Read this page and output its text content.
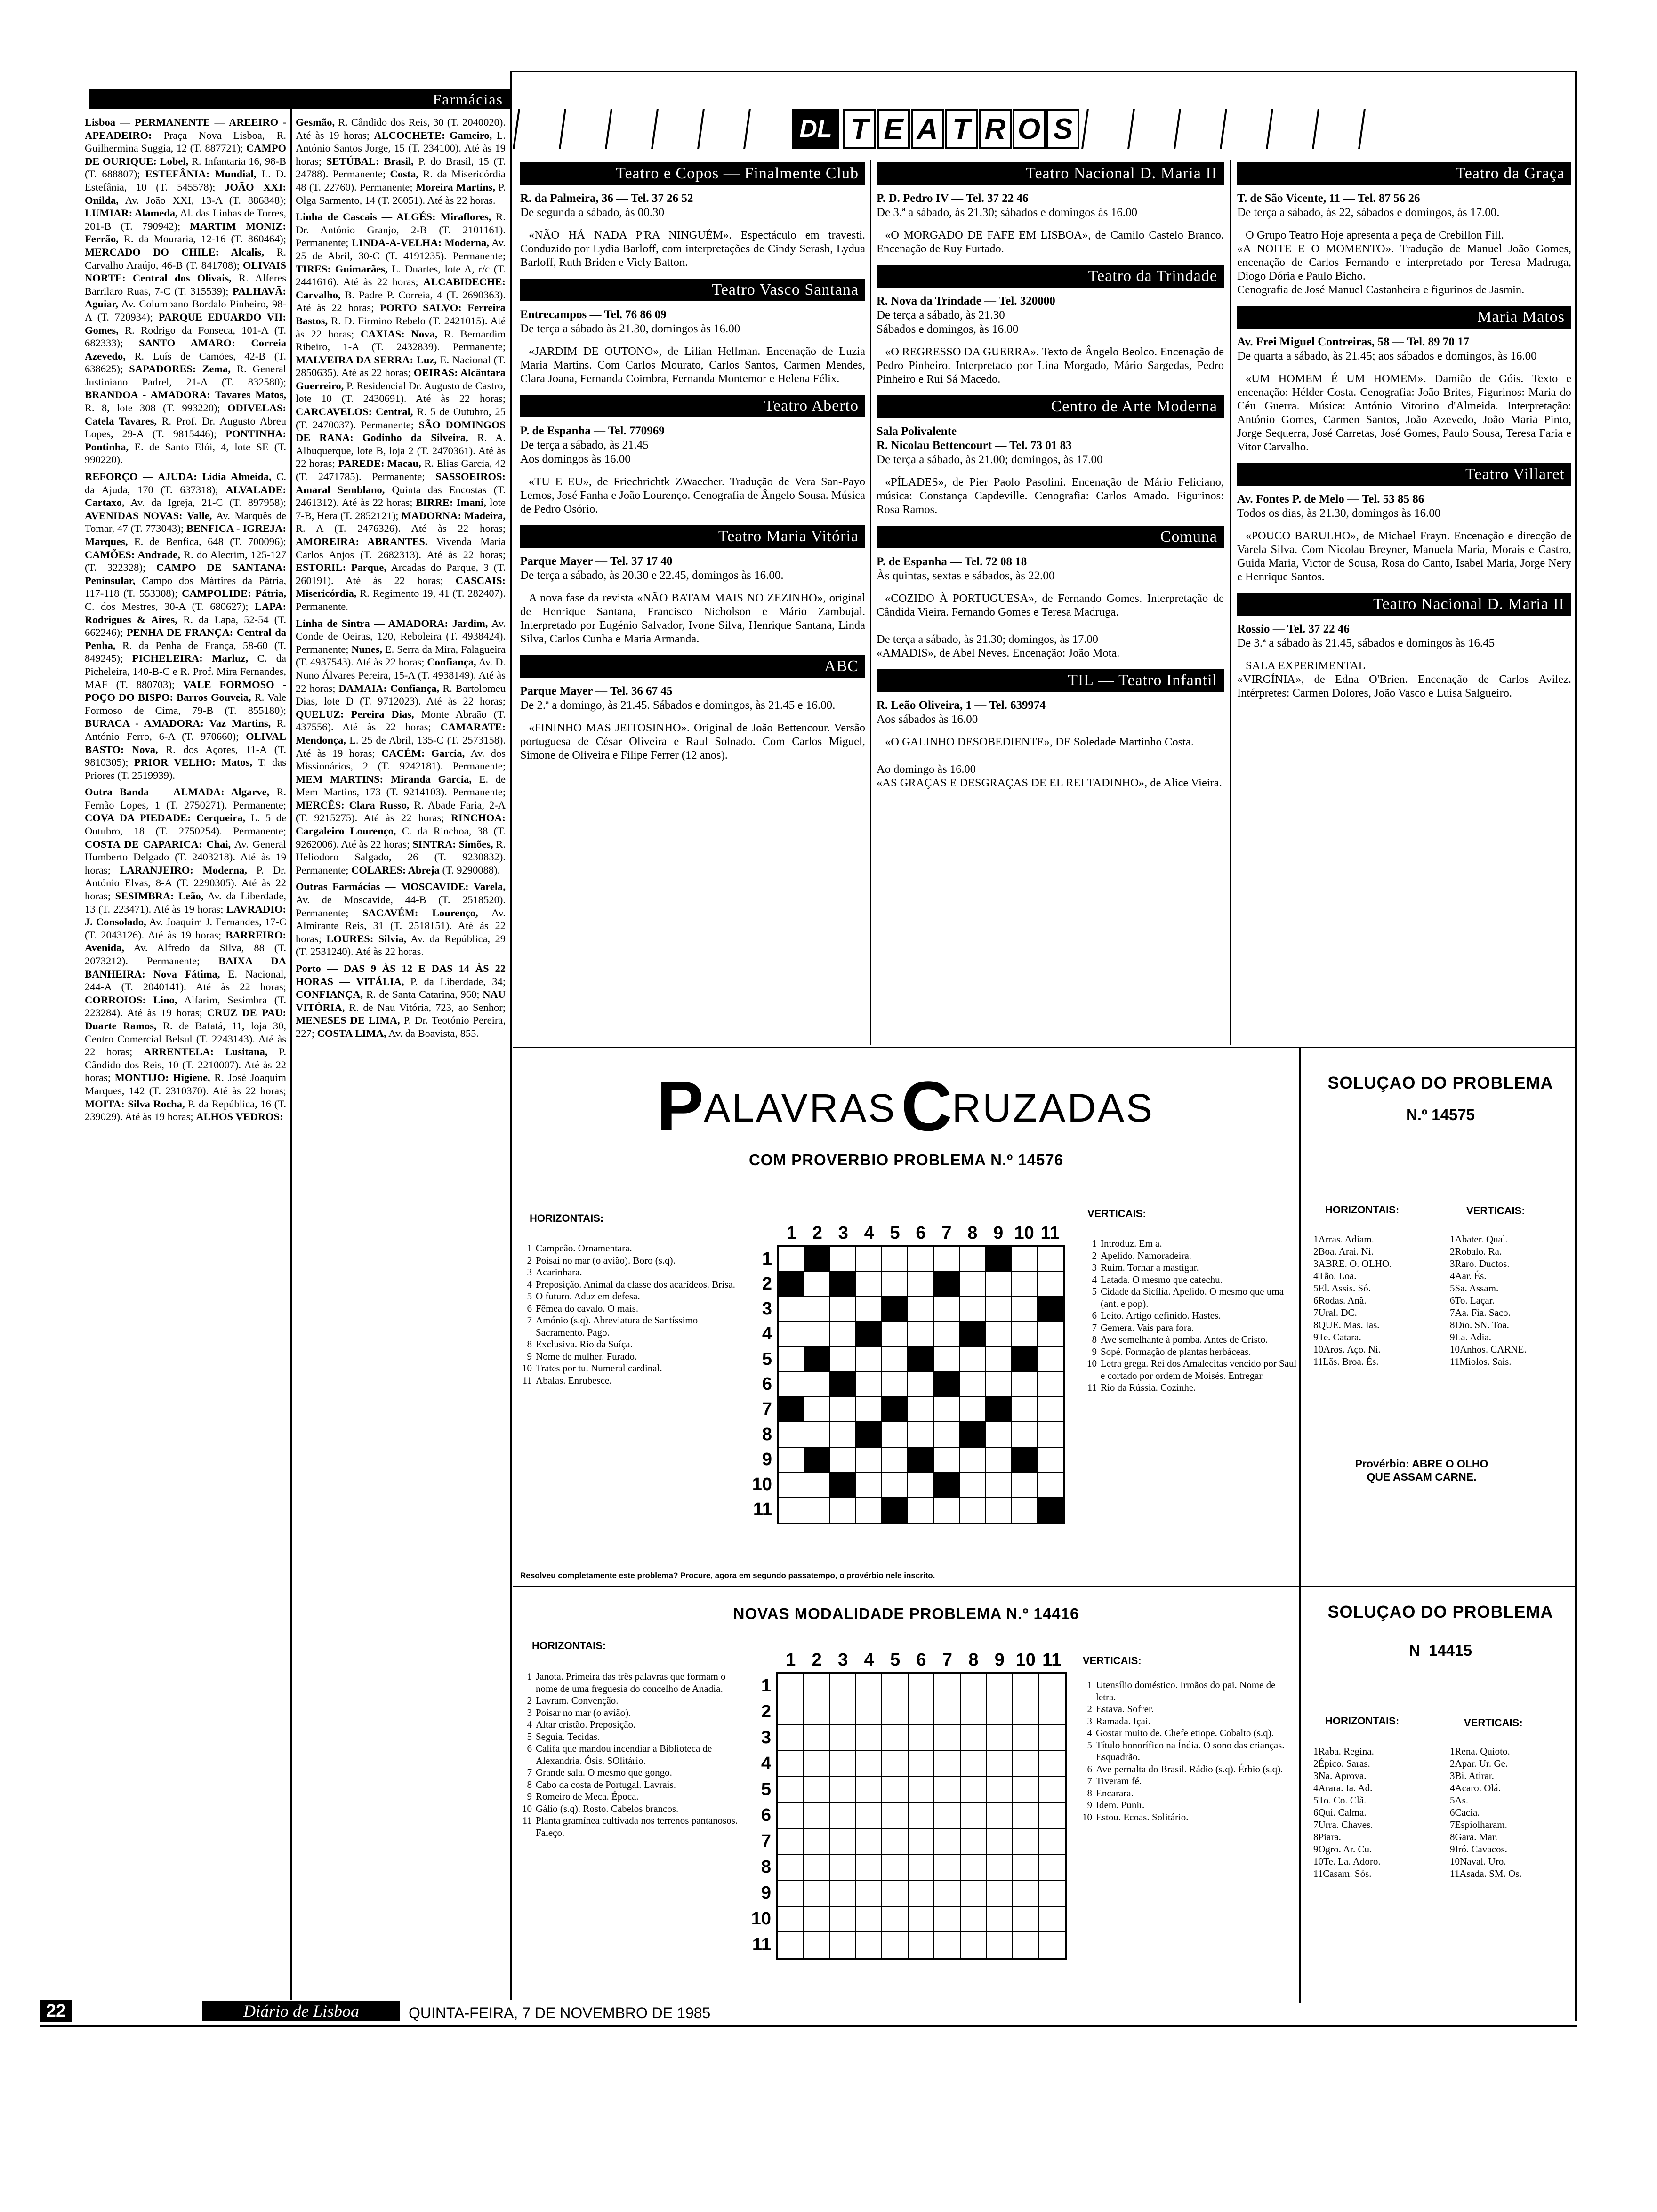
Farmácias

Lisboa — PERMANENTE — AREEIRO - APEADEIRO: Praça Nova Lisboa, R. Guilhermina Suggia, 12 (T. 887721); CAMPO DE OURIQUE: Lobel, R. Infantaria 16, 98-B (T. 688807); ESTEFÂNIA: Mundial, L. D. Estefânia, 10 (T. 545578); JOÃO XXI: Onilda, Av. João XXI, 13-A (T. 886848); LUMIAR: Alameda, Al. das Linhas de Torres, 201-B (T. 790942); MARTIM MONIZ: Ferrão, R. da Mouraria, 12-16 (T. 860464); MERCADO DO CHILE: Alcalis, R. Carvalho Araújo, 46-B (T. 841708); OLIVAIS NORTE: Central dos Olivais, R. Alferes Barrilaro Ruas, 7-C (T. 315539); PALHAVÃ: Aguiar, Av. Columbano Bordalo Pinheiro, 98-A (T. 720934); PARQUE EDUARDO VII: Gomes, R. Rodrigo da Fonseca, 101-A (T. 682333); SANTO AMARO: Correia Azevedo, R. Luís de Camões, 42-B (T. 638625); SAPADORES: Zema, R. General Justiniano Padrel, 21-A (T. 832580); BRANDOA - AMADORA: Tavares Matos, R. 8, lote 308 (T. 993220); ODIVELAS: Catela Tavares, R. Prof. Dr. Augusto Abreu Lopes, 29-A (T. 9815446); PONTINHA: Pontinha, E. de Santo Elói, 4, lote SE (T. 990220).

REFORÇO — AJUDA: Lídia Almeida, C. da Ajuda, 170 (T. 637318); ALVALADE: Cartaxo, Av. da Igreja, 21-C (T. 897958); AVENIDAS NOVAS: Valle, Av. Marquês de Tomar, 47 (T. 773043); BENFICA - IGREJA: Marques, E. de Benfica, 648 (T. 700096); CAMÕES: Andrade, R. do Alecrim, 125-127 (T. 322328); CAMPO DE SANTANA: Peninsular, Campo dos Mártires da Pátria, 117-118 (T. 553308); CAMPOLIDE: Pátria, C. dos Mestres, 30-A (T. 680627); LAPA: Rodrigues & Aires, R. da Lapa, 52-54 (T. 662246); PENHA DE FRANÇA: Central da Penha, R. da Penha de França, 58-60 (T. 849245); PICHELEIRA: Marluz, C. da Picheleira, 140-B-C e R. Prof. Mira Fernandes, MAF (T. 880703); VALE FORMOSO - POÇO DO BISPO: Barros Gouveia, R. Vale Formoso de Cima, 79-B (T. 855180); BURACA - AMADORA: Vaz Martins, R. António Ferro, 6-A (T. 970660); OLIVAL BASTO: Nova, R. dos Açores, 11-A (T. 9810305); PRIOR VELHO: Matos, T. das Priores (T. 2519939).

Outra Banda — ALMADA: Algarve, R. Fernão Lopes, 1 (T. 2750271). Permanente; COVA DA PIEDADE: Cerqueira, L. 5 de Outubro, 18 (T. 2750254). Permanente; COSTA DE CAPARICA: Chai, Av. General Humberto Delgado (T. 2403218). Até às 19 horas; LARANJEIRO: Moderna, P. Dr. António Elvas, 8-A (T. 2290305). Até às 22 horas; SESIMBRA: Leão, Av. da Liberdade, 13 (T. 223471). Até às 19 horas; LAVRADIO: J. Consolado, Av. Joaquim J. Fernandes, 17-C (T. 2043126). Até às 19 horas; BARREIRO: Avenida, Av. Alfredo da Silva, 88 (T. 2073212). Permanente; BAIXA DA BANHEIRA: Nova Fátima, E. Nacional, 244-A (T. 2040141). Até às 22 horas; CORROIOS: Lino, Alfarim, Sesimbra (T. 223284). Até às 19 horas; CRUZ DE PAU: Duarte Ramos, R. de Bafatá, 11, loja 30, Centro Comercial Belsul (T. 2243143). Até às 22 horas; ARRENTELA: Lusitana, P. Cândido dos Reis, 10 (T. 2210007). Até às 22 horas; MONTIJO: Higiene, R. José Joaquim Marques, 142 (T. 2310370). Até às 22 horas; MOITA: Silva Rocha, P. da República, 16 (T. 239029). Até às 19 horas; ALHOS VEDROS:

Gesmão, R. Cândido dos Reis, 30 (T. 2040020). Até às 19 horas; ALCOCHETE: Gameiro, L. António Santos Jorge, 15 (T. 234100). Até às 19 horas; SETÚBAL: Brasil, P. do Brasil, 15 (T. 24788). Permanente; Costa, R. da Misericórdia 48 (T. 22760). Permanente; Moreira Martins, P. Olga Sarmento, 14 (T. 26051). Até às 22 horas.

Linha de Cascais — ALGÉS: Miraflores, R. Dr. António Granjo, 2-B (T. 2101161). Permanente; LINDA-A-VELHA: Moderna, Av. 25 de Abril, 30-C (T. 4191235). Permanente; TIRES: Guimarães, L. Duartes, lote A, r/c (T. 2441616). Até às 22 horas; ALCABIDECHE: Carvalho, B. Padre P. Correia, 4 (T. 2690363). Até às 22 horas; PORTO SALVO: Ferreira Bastos, R. D. Firmino Rebelo (T. 2421015). Até às 22 horas; CAXIAS: Nova, R. Bernardim Ribeiro, 1-A (T. 2432839). Permanente; MALVEIRA DA SERRA: Luz, E. Nacional (T. 2850635). Até às 22 horas; OEIRAS: Alcântara Guerreiro, P. Residencial Dr. Augusto de Castro, lote 10 (T. 2430691). Até às 22 horas; CARCAVELOS: Central, R. 5 de Outubro, 25 (T. 2470037). Permanente; SÃO DOMINGOS DE RANA: Godinho da Silveira, R. A. Albuquerque, lote B, loja 2 (T. 2470361). Até às 22 horas; PAREDE: Macau, R. Elias Garcia, 42 (T. 2471785). Permanente; SASSOEIROS: Amaral Semblano, Quinta das Encostas (T. 2461312). Até às 22 horas; BIRRE: Imani, lote 7-B, Hera (T. 2852121); MADORNA: Madeira, R. A (T. 2476326). Até às 22 horas; AMOREIRA: ABRANTES. Vivenda Maria Carlos Anjos (T. 2682313). Até às 22 horas; ESTORIL: Parque, Arcadas do Parque, 3 (T. 260191). Até às 22 horas; CASCAIS: Misericórdia, R. Regimento 19, 41 (T. 282407). Permanente.

Linha de Sintra — AMADORA: Jardim, Av. Conde de Oeiras, 120, Reboleira (T. 4938424). Permanente; Nunes, E. Serra da Mira, Falagueira (T. 4937543). Até às 22 horas; Confiança, Av. D. Nuno Álvares Pereira, 15-A (T. 4938149). Até às 22 horas; DAMAIA: Confiança, R. Bartolomeu Dias, lote D (T. 9712023). Até às 22 horas; QUELUZ: Pereira Dias, Monte Abraão (T. 437556). Até às 22 horas; CAMARATE: Mendonça, L. 25 de Abril, 135-C (T. 2573158). Até às 19 horas; CACÉM: Garcia, Av. dos Missionários, 2 (T. 9242181). Permanente; MEM MARTINS: Miranda Garcia, E. de Mem Martins, 173 (T. 9214103). Permanente; MERCÊS: Clara Russo, R. Abade Faria, 2-A (T. 9215275). Até às 22 horas; RINCHOA: Cargaleiro Lourenço, C. da Rinchoa, 38 (T. 9262006). Até às 22 horas; SINTRA: Simões, R. Heliodoro Salgado, 26 (T. 9230832). Permanente; COLARES: Abreja (T. 9290088).

Outras Farmácias — MOSCAVIDE: Varela, Av. de Moscavide, 44-B (T. 2518520). Permanente; SACAVÉM: Lourenço, Av. Almirante Reis, 31 (T. 2518151). Até às 22 horas; LOURES: Silvia, Av. da República, 29 (T. 2531240). Até às 22 horas.

Porto — DAS 9 ÀS 12 E DAS 14 ÀS 22 HORAS — VITÁLIA, P. da Liberdade, 34; CONFIANÇA, R. de Santa Catarina, 960; NAU VITÓRIA, R. de Nau Vitória, 723, ao Senhor; MENESES DE LIMA, P. Dr. Teotónio Pereira, 227; COSTA LIMA, Av. da Boavista, 855.

DL T E A T R O S
Teatro e Copos — Finalmente Club
R. da Palmeira, 36 — Tel. 37 26 52
De segunda a sábado, às 00.30
«NÃO HÁ NADA P'RA NINGUÉM». Espectáculo em travesti. Conduzido por Lydia Barloff, com interpretações de Cindy Serash, Lydua Barloff, Ruth Briden e Vicly Batton.
Teatro Vasco Santana
Entrecampos — Tel. 76 86 09
De terça a sábado às 21.30, domingos às 16.00
«JARDIM DE OUTONO», de Lilian Hellman. Encenação de Luzia Maria Martins. Com Carlos Mourato, Carlos Santos, Carmen Mendes, Clara Joana, Fernanda Coimbra, Fernanda Montemor e Helena Félix.
Teatro Aberto
P. de Espanha — Tel. 770969
De terça a sábado, às 21.45
Aos domingos às 16.00
«TU E EU», de Friechrichtk ZWaecher. Tradução de Vera San-Payo Lemos, José Fanha e João Lourenço. Cenografia de Ângelo Sousa. Música de Pedro Osório.
Teatro Maria Vitória
Parque Mayer — Tel. 37 17 40
De terça a sábado, às 20.30 e 22.45, domingos às 16.00.
A nova fase da revista «NÃO BATAM MAIS NO ZEZINHO», original de Henrique Santana, Francisco Nicholson e Mário Zambujal. Interpretado por Eugénio Salvador, Ivone Silva, Henrique Santana, Linda Silva, Carlos Cunha e Maria Armanda.
ABC
Parque Mayer — Tel. 36 67 45
De 2.ª a domingo, às 21.45. Sábados e domingos, às 21.45 e 16.00.
«FININHO MAS JEITOSINHO». Original de João Bettencour. Versão portuguesa de César Oliveira e Raul Solnado. Com Carlos Miguel, Simone de Oliveira e Filipe Ferrer (12 anos).
Teatro Nacional D. Maria II
P. D. Pedro IV — Tel. 37 22 46
De 3.ª a sábado, às 21.30; sábados e domingos às 16.00
«O MORGADO DE FAFE EM LISBOA», de Camilo Castelo Branco. Encenação de Ruy Furtado.
Teatro da Trindade
R. Nova da Trindade — Tel. 320000
De terça a sábado, às 21.30
Sábados e domingos, às 16.00
«O REGRESSO DA GUERRA». Texto de Ângelo Beolco. Encenação de Pedro Pinheiro. Interpretado por Lina Morgado, Mário Sargedas, Pedro Pinheiro e Rui Sá Macedo.
Centro de Arte Moderna
Sala Polivalente
R. Nicolau Bettencourt — Tel. 73 01 83
De terça a sábado, às 21.00; domingos, às 17.00
«PÍLADES», de Pier Paolo Pasolini. Encenação de Mário Feliciano, música: Constança Capdeville. Cenografia: Carlos Amado. Figurinos: Rosa Ramos.
Comuna
P. de Espanha — Tel. 72 08 18
Às quintas, sextas e sábados, às 22.00
«COZIDO À PORTUGUESA», de Fernando Gomes. Interpretação de Cândida Vieira. Fernando Gomes e Teresa Madruga.

De terça a sábado, às 21.30; domingos, às 17.00
«AMADIS», de Abel Neves. Encenação: João Mota.
TIL — Teatro Infantil
R. Leão Oliveira, 1 — Tel. 639974
Aos sábados às 16.00
«O GALINHO DESOBEDIENTE», DE Soledade Martinho Costa.

Ao domingo às 16.00
«AS GRAÇAS E DESGRAÇAS DE EL REI TADINHO», de Alice Vieira.
Teatro da Graça
T. de São Vicente, 11 — Tel. 87 56 26
De terça a sábado, às 22, sábados e domingos, às 17.00.
O Grupo Teatro Hoje apresenta a peça de Crebillon Fill.
«A NOITE E O MOMENTO». Tradução de Manuel João Gomes, encenação de Carlos Fernando e interpretado por Teresa Madruga, Diogo Dória e Paulo Bicho.
Cenografia de José Manuel Castanheira e figurinos de Jasmin.
Maria Matos
Av. Frei Miguel Contreiras, 58 — Tel. 89 70 17
De quarta a sábado, às 21.45; aos sábados e domingos, às 16.00
«UM HOMEM É UM HOMEM». Damião de Góis. Texto e encenação: Hélder Costa. Cenografia: João Brites, Figurinos: Maria do Céu Guerra. Música: António Vitorino d'Almeida. Interpretação: António Gomes, Carmen Santos, João Azevedo, João Maria Pinto, Jorge Sequerra, José Carretas, José Gomes, Paulo Sousa, Teresa Faria e Vitor Carvalho.
Teatro Villaret
Av. Fontes P. de Melo — Tel. 53 85 86
Todos os dias, às 21.30, domingos às 16.00
«POUCO BARULHO», de Michael Frayn. Encenação e direcção de Varela Silva. Com Nicolau Breyner, Manuela Maria, Morais e Castro, Guida Maria, Victor de Sousa, Rosa do Canto, Isabel Maria, Jorge Nery e Henrique Santos.
Teatro Nacional D. Maria II
Rossio — Tel. 37 22 46
De 3.ª a sábado às 21.45, sábados e domingos às 16.45
SALA EXPERIMENTAL
«VIRGÍNIA», de Edna O'Brien. Encenação de Carlos Avilez. Intérpretes: Carmen Dolores, João Vasco e Luísa Salgueiro.
P ALAVRAS C RUZADAS
COM PROVERBIO PROBLEMA N.º 14576
HORIZONTAIS:
1 Campeão. Ornamentara.
2 Poisai no mar (o avião). Boro (s.q).
3 Acarinhara.
4 Preposição. Animal da classe dos acarídeos. Brisa.
5 O futuro. Aduz em defesa.
6 Fêmea do cavalo. O mais.
7 Amónio (s.q). Abreviatura de Santíssimo Sacramento. Pago.
8 Exclusiva. Rio da Suíça.
9 Nome de mulher. Furado.
10 Trates por tu. Numeral cardinal.
11 Abalas. Enrubesce.
VERTICAIS:
1 Introduz. Em a.
2 Apelido. Namoradeira.
3 Ruim. Tornar a mastigar.
4 Latada. O mesmo que catechu.
5 Cidade da Sicília. Apelido. O mesmo que uma (ant. e pop).
6 Leito. Artigo definido. Hastes.
7 Gemera. Vais para fora.
8 Ave semelhante à pomba. Antes de Cristo.
9 Sopé. Formação de plantas herbáceas.
10 Letra grega. Rei dos Amalecitas vencido por Saul e cortado por ordem de Moisés. Entregar.
11 Rio da Rússia. Cozinhe.
1 2 3 4 5 6 7 8 9 10 11
1
2
3
4
5
6
7
8
9
10
11
Resolveu completamente este problema? Procure, agora em segundo passatempo, o provérbio nele inscrito.
NOVAS MODALIDADE PROBLEMA N.º 14416
HORIZONTAIS:
1 Janota. Primeira das três palavras que formam o nome de uma freguesia do concelho de Anadia.
2 Lavram. Convenção.
3 Poisar no mar (o avião).
4 Altar cristão. Preposição.
5 Seguia. Tecidas.
6 Califa que mandou incendiar a Biblioteca de Alexandria. Ósis. SOlitário.
7 Grande sala. O mesmo que gongo.
8 Cabo da costa de Portugal. Lavrais.
9 Romeiro de Meca. Época.
10 Gálio (s.q). Rosto. Cabelos brancos.
11 Planta gramínea cultivada nos terrenos pantanosos. Faleço.
VERTICAIS:
1 Utensílio doméstico. Irmãos do pai. Nome de letra.
2 Estava. Sofrer.
3 Ramada. Içai.
4 Gostar muito de. Chefe etiope. Cobalto (s.q).
5 Título honorífico na Índia. O sono das crianças. Esquadrão.
6 Ave pernalta do Brasil. Rádio (s.q). Érbio (s.q).
7 Tiveram fé.
8 Encarara.
9 Idem. Punir.
10 Estou. Ecoas. Solitário.
1 2 3 4 5 6 7 8 9 10 11
1
2
3
4
5
6
7
8
9
10
11
SOLUÇAO DO PROBLEMA
N.º 14575
HORIZONTAIS:	VERTICAIS:
1Arras. Adiam.
2Boa. Arai. Ni.
3ABRE. O. OLHO.
4Tão. Loa.
5El. Assis. Só.
6Rodas. Anã.
7Ural. DC.
8QUE. Mas. Ias.
9Te. Catara.
10Aros. Aço. Ni.
11Lãs. Broa. És.
1Abater. Qual.
2Robalo. Ra.
3Raro. Ductos.
4Aar. És.
5Sa. Assam.
6To. Laçar.
7Aa. Fia. Saco.
8Dio. SN. Toa.
9La. Adia.
10Anhos. CARNE.
11Miolos. Sais.
Provérbio: ABRE O OLHO QUE ASSAM CARNE.
SOLUÇAO DO PROBLEMA
N  14415
HORIZONTAIS:	VERTICAIS:
1Raba. Regina.
2Épico. Saras.
3Na. Aprova.
4Arara. Ia. Ad.
5To. Co. Clã.
6Qui. Calma.
7Urra. Chaves.
8Piara.
9Ogro. Ar. Cu.
10Te. La. Adoro.
11Casam. Sós.
1Rena. Quioto.
2Apar. Ur. Ge.
3Bi. Atirar.
4Acaro. Olá.
5As.
6Cacia.
7Espiolharam.
8Gara. Mar.
9Iró. Cavacos.
10Naval. Uro.
11Asada. SM. Os.
22	Diário de Lisboa	QUINTA-FEIRA, 7 DE NOVEMBRO DE 1985
